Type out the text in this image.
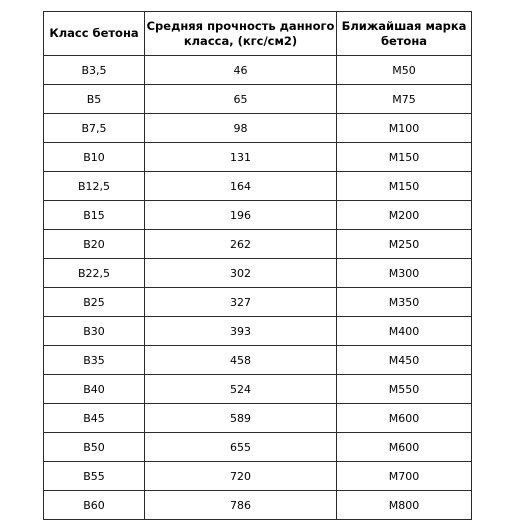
Класс бетона	Средняя прочность данного класса, (кгс/см2)	Ближайшая марка бетона
B3,5	46	M50
B5	65	M75
B7,5	98	M100
B10	131	M150
B12,5	164	M150
B15	196	M200
B20	262	M250
B22,5	302	M300
B25	327	M350
B30	393	M400
B35	458	M450
B40	524	M550
B45	589	M600
B50	655	M600
B55	720	M700
B60	786	M800
